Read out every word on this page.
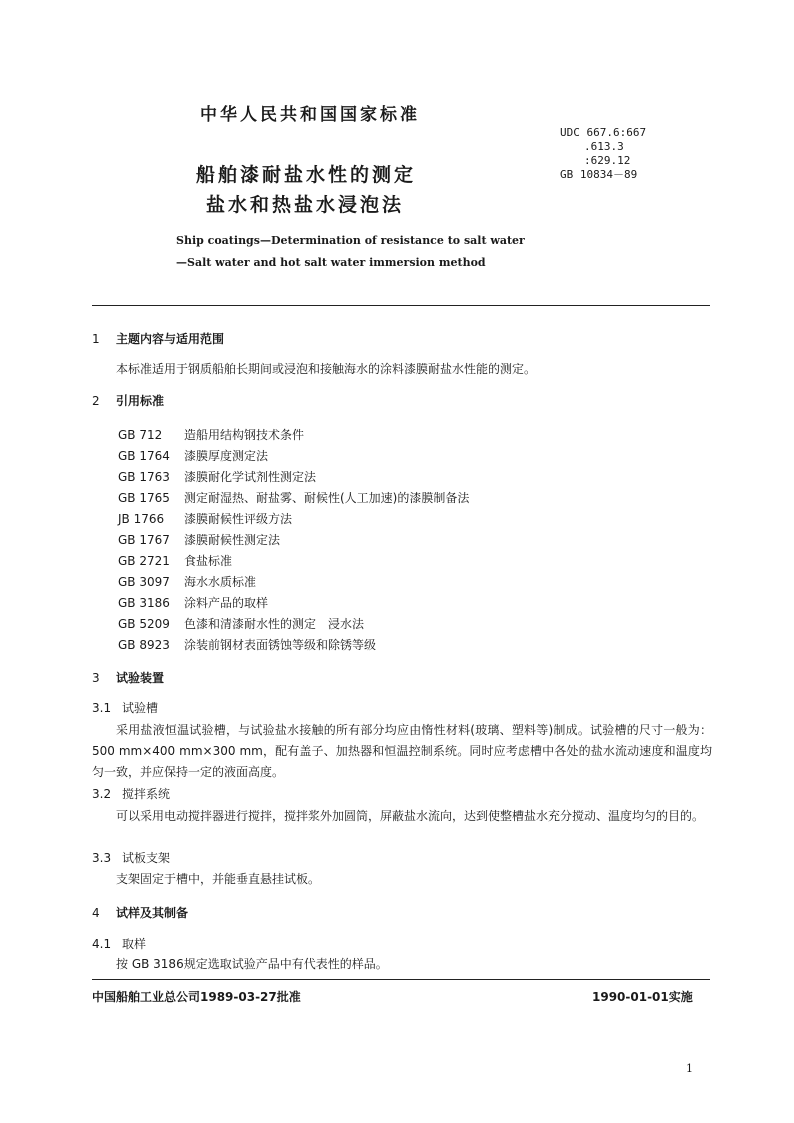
中华人民共和国国家标准
UDC 667.6:667
.613.3
:629.12
GB 10834－89
船舶漆耐盐水性的测定
盐水和热盐水浸泡法
Ship coatings—Determination of resistance to salt water
—Salt water and hot salt water immersion method
1 主题内容与适用范围
本标准适用于钢质船舶长期间或浸泡和接触海水的涂料漆膜耐盐水性能的测定。
2 引用标准
GB 712 造船用结构钢技术条件
GB 1764 漆膜厚度测定法
GB 1763 漆膜耐化学试剂性测定法
GB 1765 测定耐湿热、耐盐雾、耐候性(人工加速)的漆膜制备法
JB 1766 漆膜耐候性评级方法
GB 1767 漆膜耐候性测定法
GB 2721 食盐标准
GB 3097 海水水质标准
GB 3186 涂料产品的取样
GB 5209 色漆和清漆耐水性的测定　浸水法
GB 8923 涂装前钢材表面锈蚀等级和除锈等级
3 试验装置
3.1 试验槽
采用盐液恒温试验槽，与试验盐水接触的所有部分均应由惰性材料(玻璃、塑料等)制成。试验槽的尺寸一般为：500 mm×400 mm×300 mm，配有盖子、加热器和恒温控制系统。同时应考虑槽中各处的盐水流动速度和温度均匀一致，并应保持一定的液面高度。
3.2 搅拌系统
可以采用电动搅拌器进行搅拌，搅拌浆外加圆筒，屏蔽盐水流向，达到使整槽盐水充分搅动、温度均匀的目的。
3.3 试板支架
支架固定于槽中，并能垂直悬挂试板。
4 试样及其制备
4.1 取样
按 GB 3186规定选取试验产品中有代表性的样品。
中国船舶工业总公司1989-03-27批准	1990-01-01实施
1
